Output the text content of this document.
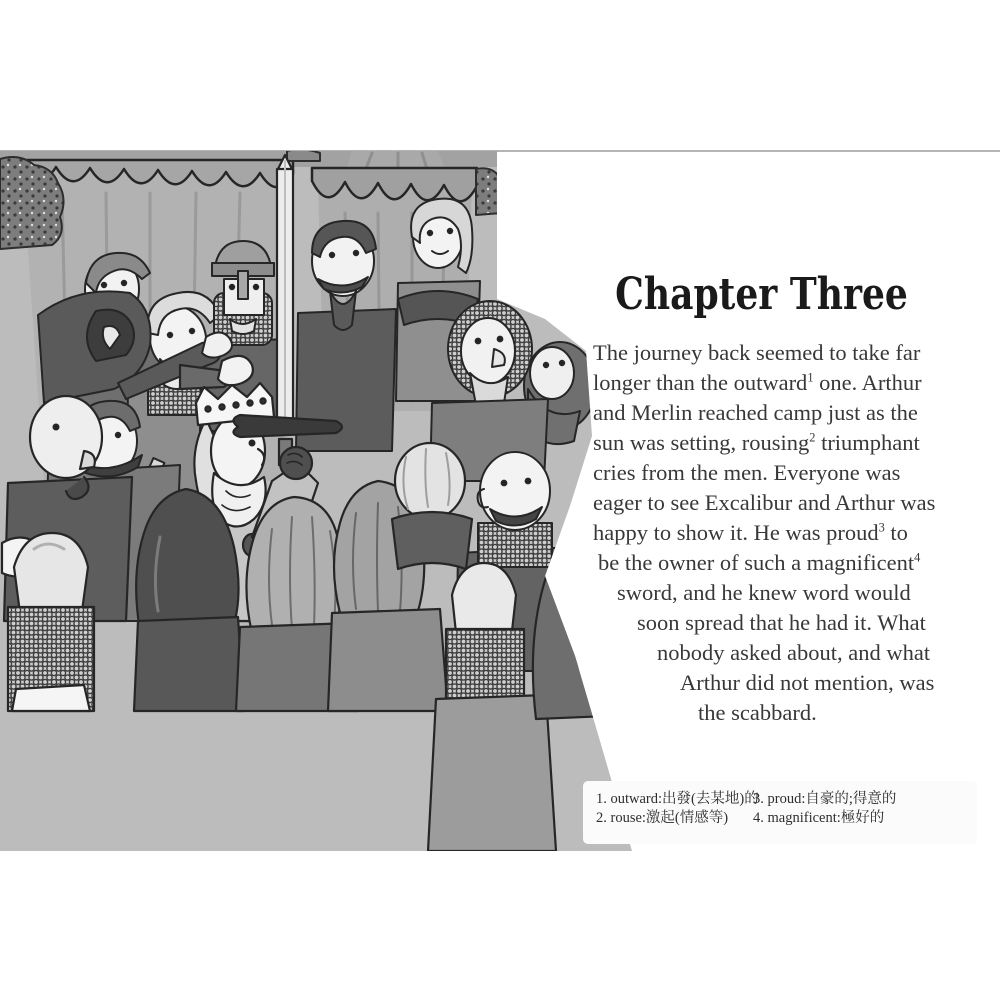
Chapter Three
The journey back seemed to take far
longer than the outward$^1$ one. Arthur
and Merlin reached camp just as the
sun was setting, rousing$^2$ triumphant
cries from the men. Everyone was
eager to see Excalibur and Arthur was
happy to show it. He was proud$^3$ to
be the owner of such a magnificent$^4$
sword, and he knew word would
soon spread that he had it. What
nobody asked about, and what
Arthur did not mention, was
the scabbard.
1. outward:出發(去某地)的
2. rouse:激起(情感等)
3. proud:自豪的;得意的
4. magnificent:極好的
